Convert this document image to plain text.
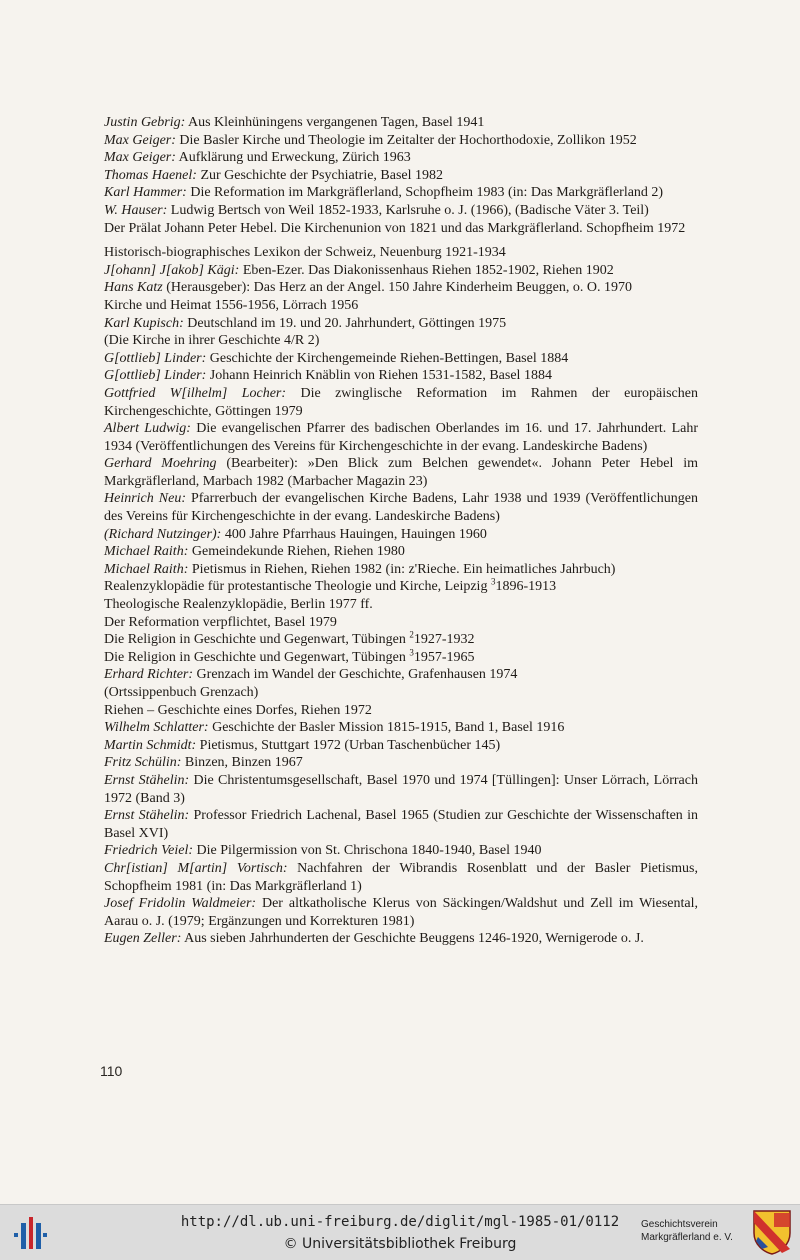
Justin Gebrig: Aus Kleinhüningens vergangenen Tagen, Basel 1941
Max Geiger: Die Basler Kirche und Theologie im Zeitalter der Hochorthodoxie, Zollikon 1952
Max Geiger: Aufklärung und Erweckung, Zürich 1963
Thomas Haenel: Zur Geschichte der Psychiatrie, Basel 1982
Karl Hammer: Die Reformation im Markgräflerland, Schopfheim 1983 (in: Das Markgräflerland 2)
W. Hauser: Ludwig Bertsch von Weil 1852-1933, Karlsruhe o. J. (1966), (Badische Väter 3. Teil)
Der Prälat Johann Peter Hebel. Die Kirchenunion von 1821 und das Markgräflerland. Schopfheim 1972
Historisch-biographisches Lexikon der Schweiz, Neuenburg 1921-1934
J[ohann] J[akob] Kägi: Eben-Ezer. Das Diakonissenhaus Riehen 1852-1902, Riehen 1902
Hans Katz (Herausgeber): Das Herz an der Angel. 150 Jahre Kinderheim Beuggen, o. O. 1970
Kirche und Heimat 1556-1956, Lörrach 1956
Karl Kupisch: Deutschland im 19. und 20. Jahrhundert, Göttingen 1975
(Die Kirche in ihrer Geschichte 4/R 2)
G[ottlieb] Linder: Geschichte der Kirchengemeinde Riehen-Bettingen, Basel 1884
G[ottlieb] Linder: Johann Heinrich Knäblin von Riehen 1531-1582, Basel 1884
Gottfried W[ilhelm] Locher: Die zwinglische Reformation im Rahmen der europäischen Kirchengeschichte, Göttingen 1979
Albert Ludwig: Die evangelischen Pfarrer des badischen Oberlandes im 16. und 17. Jahrhundert. Lahr 1934 (Veröffentlichungen des Vereins für Kirchengeschichte in der evang. Landeskirche Badens)
Gerhard Moehring (Bearbeiter): »Den Blick zum Belchen gewendet«. Johann Peter Hebel im Markgräflerland, Marbach 1982 (Marbacher Magazin 23)
Heinrich Neu: Pfarrerbuch der evangelischen Kirche Badens, Lahr 1938 und 1939 (Veröffentlichungen des Vereins für Kirchengeschichte in der evang. Landeskirche Badens)
(Richard Nutzinger): 400 Jahre Pfarrhaus Hauingen, Hauingen 1960
Michael Raith: Gemeindekunde Riehen, Riehen 1980
Michael Raith: Pietismus in Riehen, Riehen 1982 (in: z'Rieche. Ein heimatliches Jahrbuch)
Realenzyklopädie für protestantische Theologie und Kirche, Leipzig $^3$1896-1913
Theologische Realenzyklopädie, Berlin 1977 ff.
Der Reformation verpflichtet, Basel 1979
Die Religion in Geschichte und Gegenwart, Tübingen $^2$1927-1932
Die Religion in Geschichte und Gegenwart, Tübingen $^3$1957-1965
Erhard Richter: Grenzach im Wandel der Geschichte, Grafenhausen 1974
(Ortssippenbuch Grenzach)
Riehen – Geschichte eines Dorfes, Riehen 1972
Wilhelm Schlatter: Geschichte der Basler Mission 1815-1915, Band 1, Basel 1916
Martin Schmidt: Pietismus, Stuttgart 1972 (Urban Taschenbücher 145)
Fritz Schülin: Binzen, Binzen 1967
Ernst Stähelin: Die Christentumsgesellschaft, Basel 1970 und 1974 [Tüllingen]: Unser Lörrach, Lörrach 1972 (Band 3)
Ernst Stähelin: Professor Friedrich Lachenal, Basel 1965 (Studien zur Geschichte der Wissenschaften in Basel XVI)
Friedrich Veiel: Die Pilgermission von St. Chrischona 1840-1940, Basel 1940
Chr[istian] M[artin] Vortisch: Nachfahren der Wibrandis Rosenblatt und der Basler Pietismus, Schopfheim 1981 (in: Das Markgräflerland 1)
Josef Fridolin Waldmeier: Der altkatholische Klerus von Säckingen/Waldshut und Zell im Wiesental, Aarau o. J. (1979; Ergänzungen und Korrekturen 1981)
Eugen Zeller: Aus sieben Jahrhunderten der Geschichte Beuggens 1246-1920, Wernigerode o. J.
110
http://dl.ub.uni-freiburg.de/diglit/mgl-1985-01/0112
© Universitätsbibliothek Freiburg
Geschichtsverein
Markgräflerland e. V.
